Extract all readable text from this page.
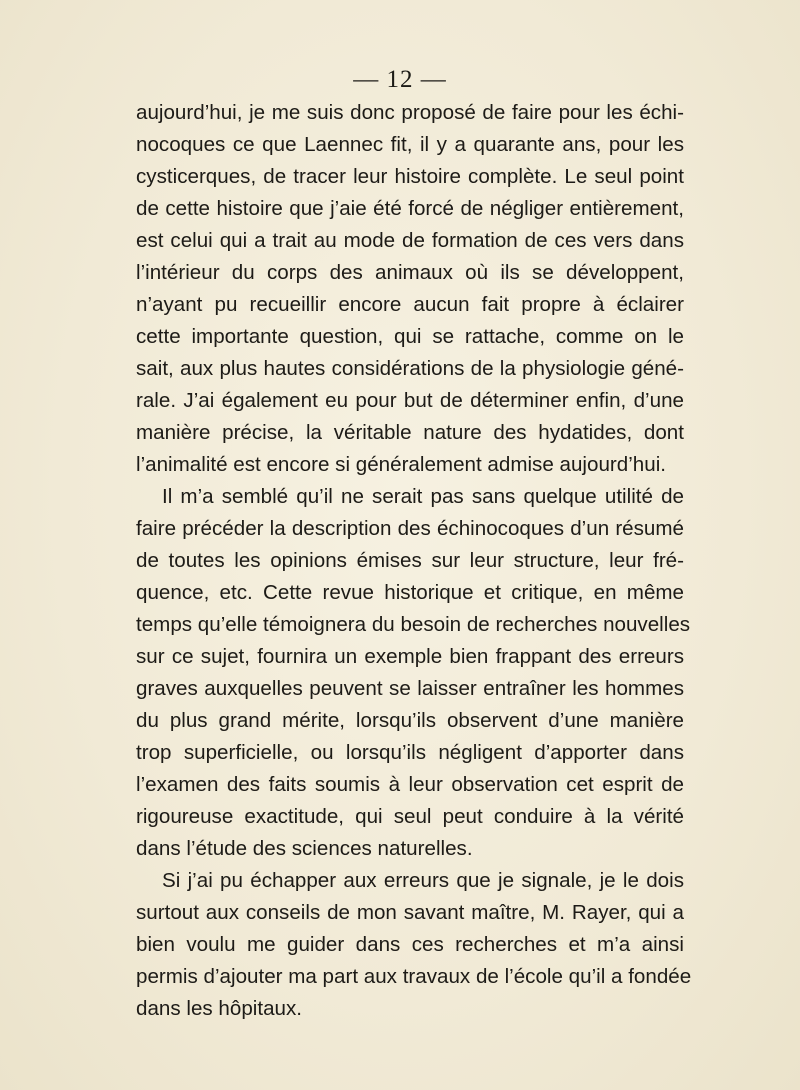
— 12 —
aujourd’hui, je me suis donc proposé de faire pour les échi-
nocoques ce que Laennec fit, il y a quarante ans, pour les
cysticerques, de tracer leur histoire complète. Le seul point
de cette histoire que j’aie été forcé de négliger entièrement,
est celui qui a trait au mode de formation de ces vers dans
l’intérieur du corps des animaux où ils se développent,
n’ayant pu recueillir encore aucun fait propre à éclairer
cette importante question, qui se rattache, comme on le
sait, aux plus hautes considérations de la physiologie géné-
rale. J’ai également eu pour but de déterminer enfin, d’une
manière précise, la véritable nature des hydatides, dont
l’animalité est encore si généralement admise aujourd’hui.
Il m’a semblé qu’il ne serait pas sans quelque utilité de
faire précéder la description des échinocoques d’un résumé
de toutes les opinions émises sur leur structure, leur fré-
quence, etc. Cette revue historique et critique, en même
temps qu’elle témoignera du besoin de recherches nouvelles
sur ce sujet, fournira un exemple bien frappant des erreurs
graves auxquelles peuvent se laisser entraîner les hommes
du plus grand mérite, lorsqu’ils observent d’une manière
trop superficielle, ou lorsqu’ils négligent d’apporter dans
l’examen des faits soumis à leur observation cet esprit de
rigoureuse exactitude, qui seul peut conduire à la vérité
dans l’étude des sciences naturelles.
Si j’ai pu échapper aux erreurs que je signale, je le dois
surtout aux conseils de mon savant maître, M. Rayer, qui a
bien voulu me guider dans ces recherches et m’a ainsi
permis d’ajouter ma part aux travaux de l’école qu’il a fondée
dans les hôpitaux.
